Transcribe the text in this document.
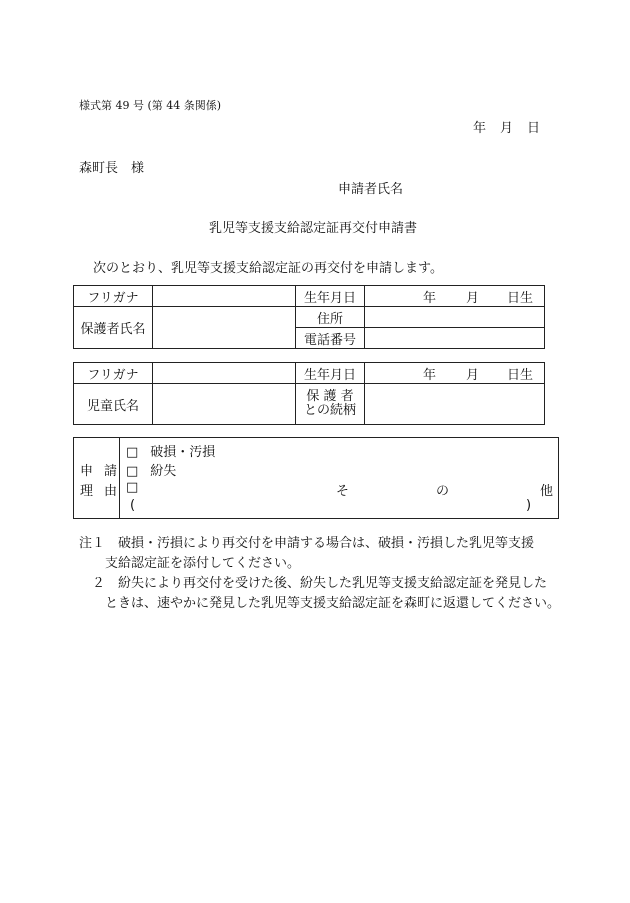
様式第 49 号 (第 44 条関係)
年 月 日
森町長　様
申請者氏名
乳児等支援支給認定証再交付申請書
次のとおり、乳児等支援支給認定証の再交付を申請します。
フリガナ		生年月日	年 月 日生
保護者氏名		住所	
		電話番号	
フリガナ		生年月日	年 月 日生
児童氏名		保 護 者
との続柄	

申請
理由
□ 破損・汚損
□ 紛失
□	そ	の	他
(	)
注１　破損・汚損により再交付を申請する場合は、破損・汚損した乳児等支援
　　支給認定証を添付してください。
　２　紛失により再交付を受けた後、紛失した乳児等支援支給認定証を発見した
　　ときは、速やかに発見した乳児等支援支給認定証を森町に返還してください。
